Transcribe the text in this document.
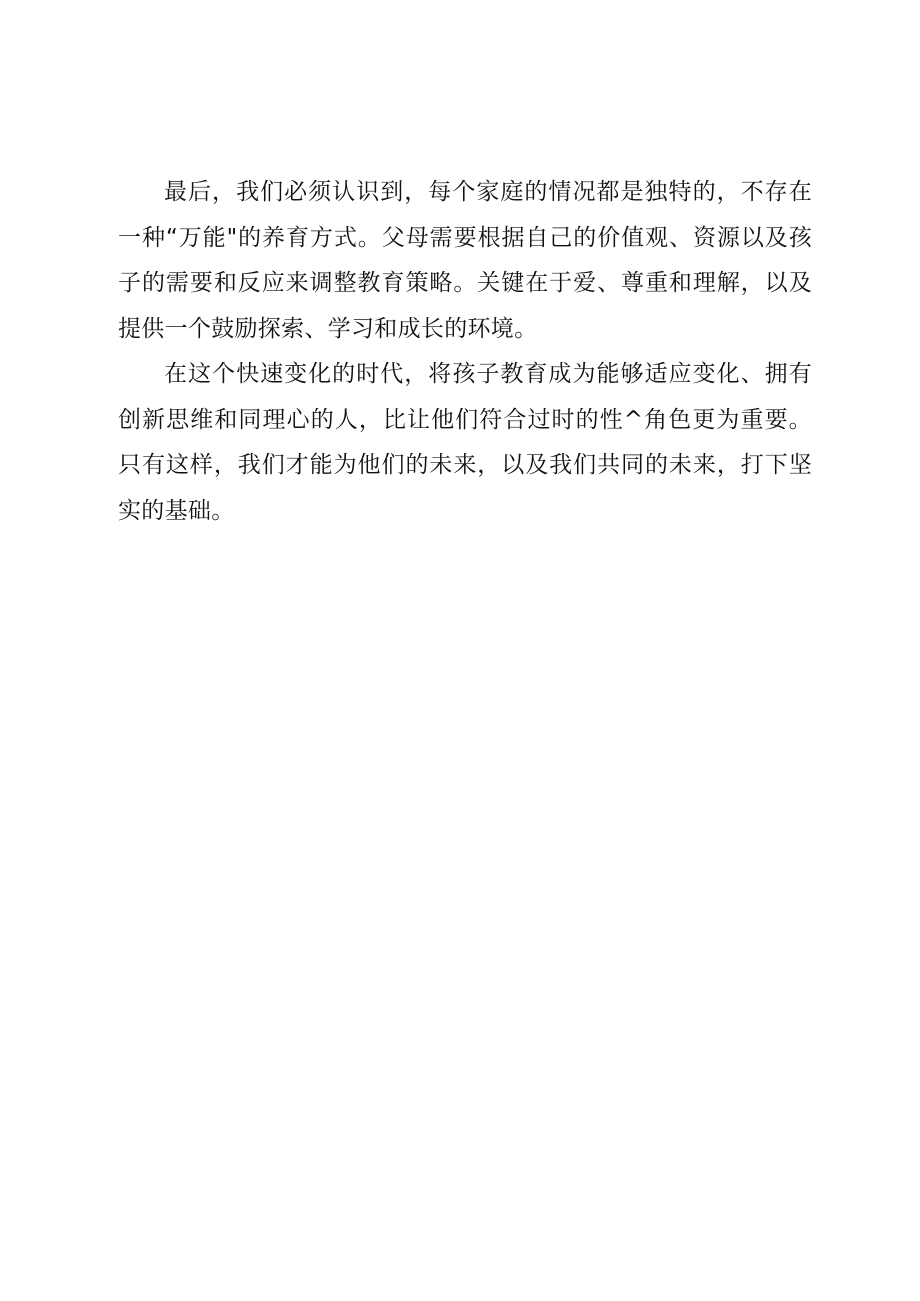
最后，我们必须认识到，每个家庭的情况都是独特的，不存在一种“万能"的养育方式。父母需要根据自己的价值观、资源以及孩子的需要和反应来调整教育策略。关键在于爱、尊重和理解，以及提供一个鼓励探索、学习和成长的环境。

在这个快速变化的时代，将孩子教育成为能够适应变化、拥有创新思维和同理心的人，比让他们符合过时的性^角色更为重要。只有这样，我们才能为他们的未来，以及我们共同的未来，打下坚实的基础。
